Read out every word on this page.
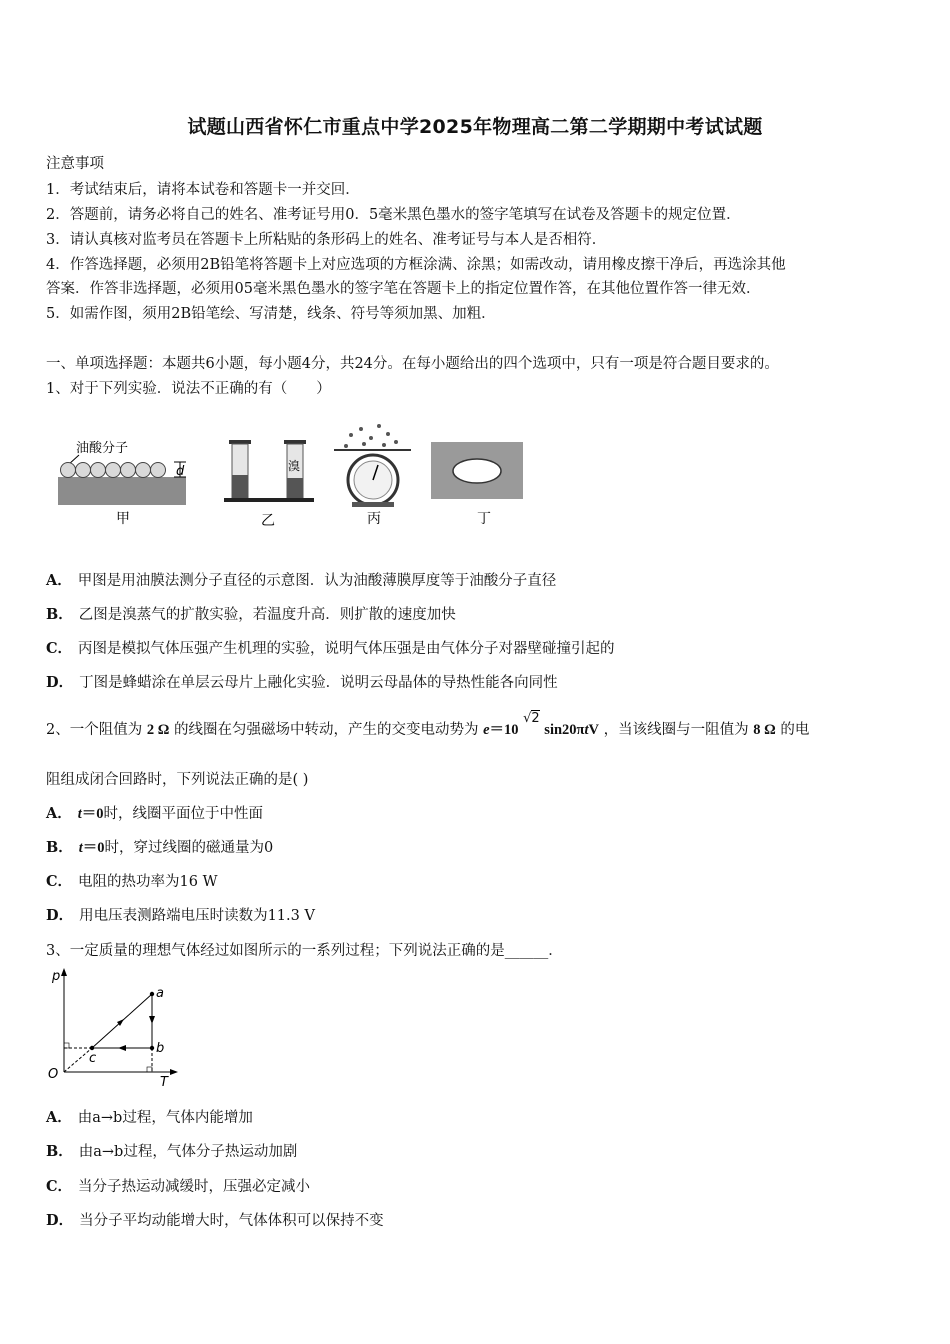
试题山西省怀仁市重点中学2025年物理高二第二学期期中考试试题
注意事项
1．考试结束后，请将本试卷和答题卡一并交回．
2．答题前，请务必将自己的姓名、准考证号用0．5毫米黑色墨水的签字笔填写在试卷及答题卡的规定位置．
3．请认真核对监考员在答题卡上所粘贴的条形码上的姓名、准考证号与本人是否相符．
4．作答选择题，必须用2B铅笔将答题卡上对应选项的方框涂满、涂黑；如需改动，请用橡皮擦干净后，再选涂其他
答案．作答非选择题，必须用05毫米黑色墨水的签字笔在答题卡上的指定位置作答，在其他位置作答一律无效．
5．如需作图，须用2B铅笔绘、写清楚，线条、符号等须加黑、加粗．
一、单项选择题：本题共6小题，每小题4分，共24分。在每小题给出的四个选项中，只有一项是符合题目要求的。
1、对于下列实验．说法不正确的有（　　）
油酸分子
d	溴
甲	乙	丙	丁
A． 甲图是用油膜法测分子直径的示意图．认为油酸薄膜厚度等于油酸分子直径
B． 乙图是溴蒸气的扩散实验，若温度升高．则扩散的速度加快
C． 丙图是模拟气体压强产生机理的实验，说明气体压强是由气体分子对器壁碰撞引起的
D． 丁图是蜂蜡涂在单层云母片上融化实验．说明云母晶体的导热性能各向同性
2、一个阻值为 2 Ω 的线圈在匀强磁场中转动，产生的交变电动势为 e＝10 √2 sin20πtV ，当该线圈与一阻值为 8 Ω 的电
阻组成闭合回路时，下列说法正确的是( )
A． t＝0时，线圈平面位于中性面
B． t＝0时，穿过线圈的磁通量为0
C． 电阻的热功率为16 W
D． 用电压表测路端电压时读数为11.3 V
3、一定质量的理想气体经过如图所示的一系列过程；下列说法正确的是______．
p
T
O
a
b
c
A． 由a→b过程，气体内能增加
B． 由a→b过程，气体分子热运动加剧
C． 当分子热运动减缓时，压强必定减小
D． 当分子平均动能增大时，气体体积可以保持不变
